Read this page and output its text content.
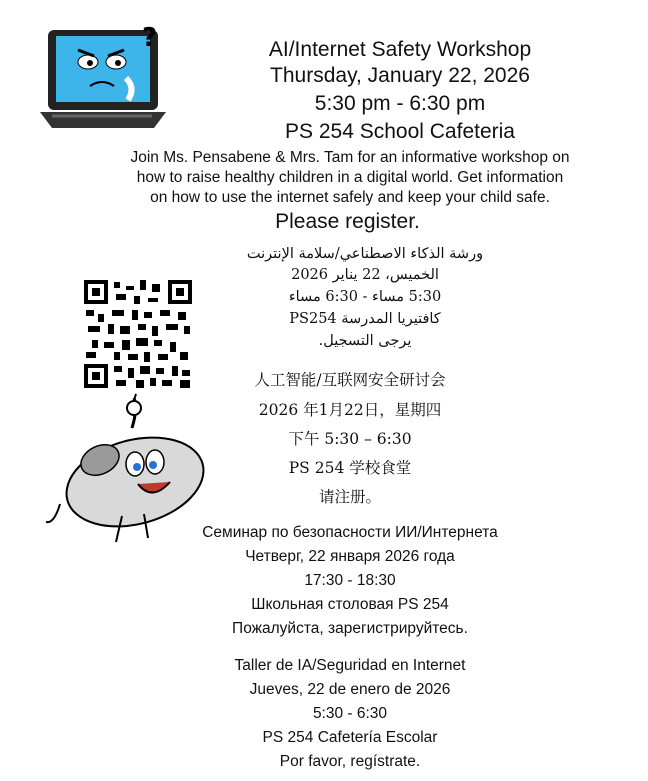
?	AI/Internet Safety Workshop
Thursday, January 22, 2026
5:30 pm - 6:30 pm
PS 254 School Cafeteria
Join Ms. Pensabene & Mrs. Tam for an informative workshop on
how to raise healthy children in a digital world. Get information
on how to use the internet safely and keep your child safe.
Please register.
ورشة الذكاء الاصطناعي/سلامة الإنترنت
الخميس، 22 يناير 2026
5:30 مساء - 6:30 مساء
كافتيريا المدرسة PS254
يرجى التسجيل.
人工智能/互联网安全研讨会
2026 年1月22日，星期四
下午 5:30 – 6:30
PS 254 学校食堂
请注册。
Семинар по безопасности ИИ/Интернета
Четверг, 22 января 2026 года
17:30 - 18:30
Школьная столовая PS 254
Пожалуйста, зарегистрируйтесь.
Taller de IA/Seguridad en Internet
Jueves, 22 de enero de 2026
5:30 - 6:30
PS 254 Cafetería Escolar
Por favor, regístrate.
